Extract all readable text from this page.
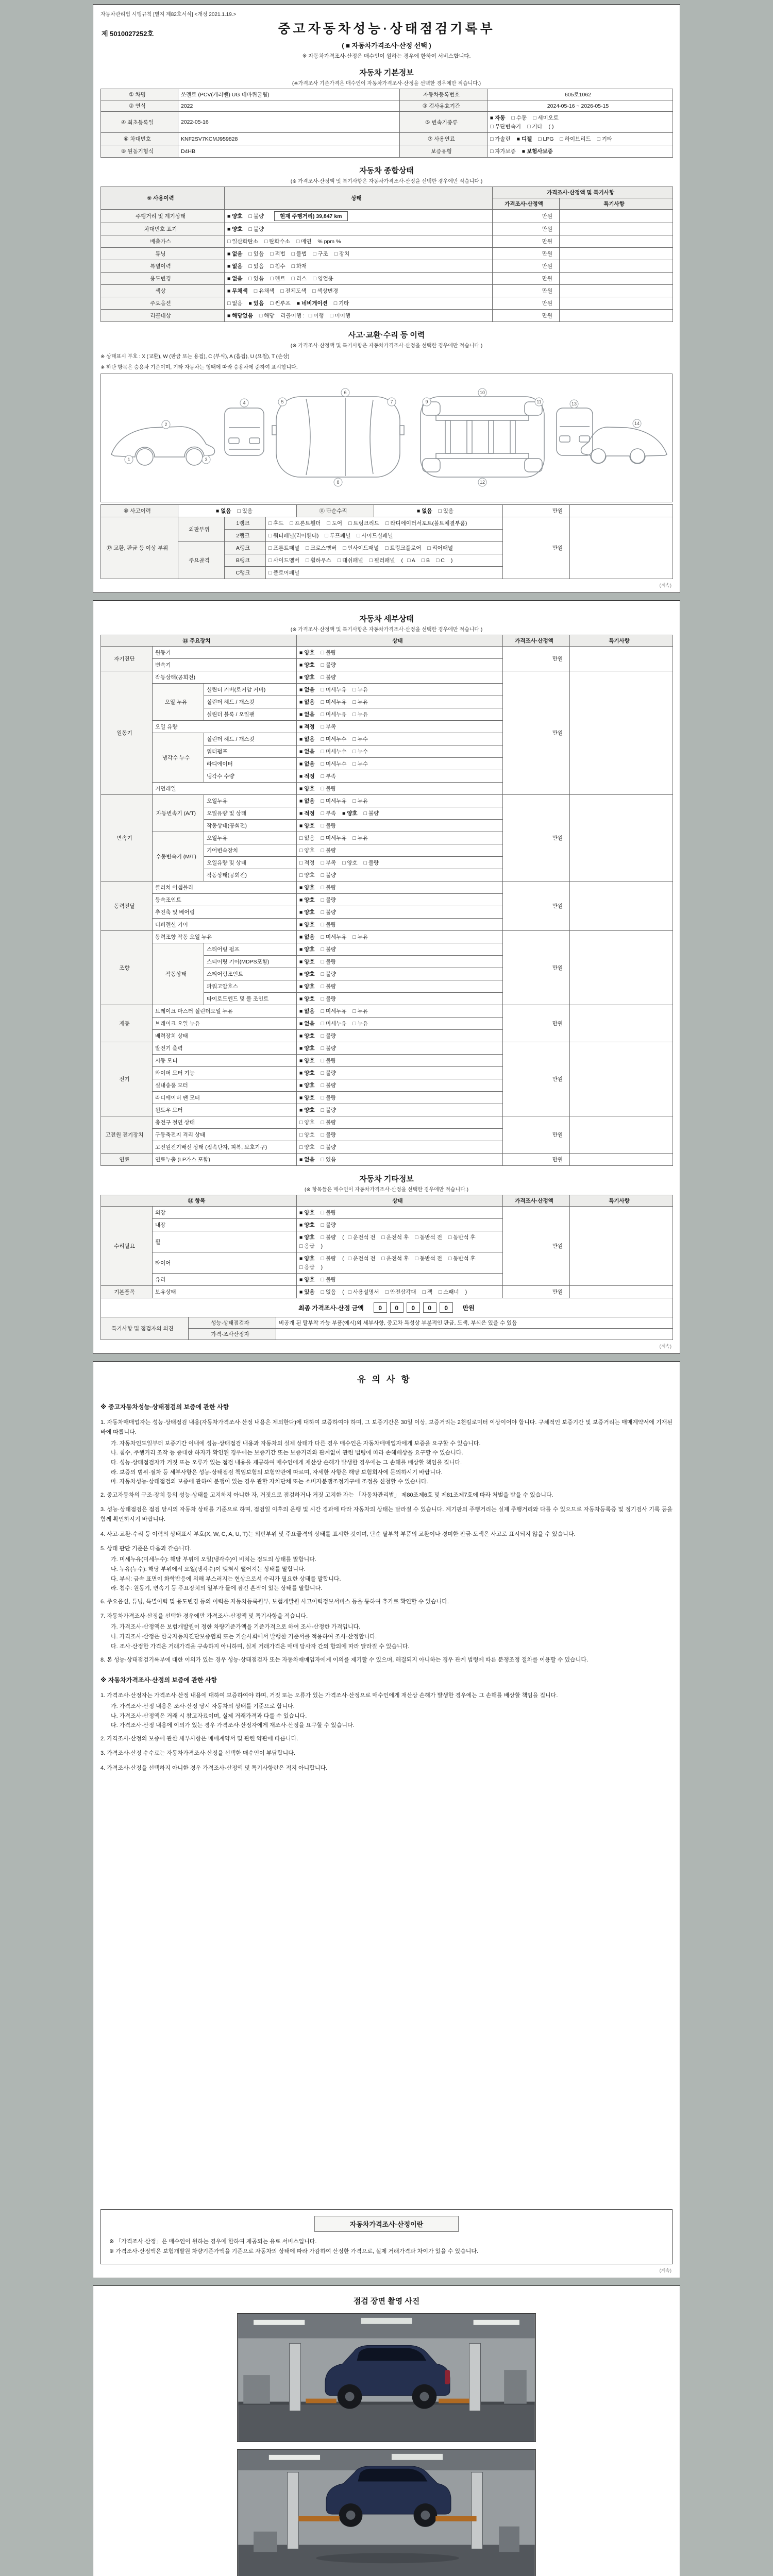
자동차관리법 시행규칙 [별지 제82호서식] <개정 2021.1.19.>
제 5010027252호	중고자동차성능·상태점검기록부
( ■ 자동차가격조사·산정 선택 )
※ 자동차가격조사·산정은 매수인이 원하는 경우에 한하여 서비스합니다.
자동차 기본정보
(※가격조사 기준가격은 매수인이 자동차가격조사·산정을 선택한 경우에만 적습니다.)
① 차명	쏘렌토 (PCV(캐러밴) UG 네바퀴굴림)	자동차등록번호	605로1062
② 연식	2022	③ 검사유효기간	2024-05-16 ~ 2026-05-15
④ 최초등록일	2022-05-16	⑤ 변속기종류	■ 자동 □ 수동 □ 세미오토
□ 무단변속기 □ 기타 ( )
⑥ 차대번호	KNF2SV7KCMJ959828	⑦ 사용연료	□ 가솔린 ■ 디젤 □ LPG □ 하이브리드 □ 기타
⑧ 원동기형식	D4HB	보증유형	□ 자가보증 ■ 보험사보증
자동차 종합상태
(※ 가격조사·산정액 및 특기사항은 자동차가격조사·산정을 선택한 경우에만 적습니다.)
⑨ 사용이력	상태	가격조사·산정액 및 특기사항	
		가격조사·산정액	특기사항
주행거리 및 계기상태	■ 양호 □ 불량 현재 주행거리) 39,847 km	만원	
차대번호 표기	■ 양호 □ 불량	만원	
배출가스	□ 일산화탄소 □ 탄화수소 □ 매연 % ppm %	만원	
튜닝	■ 없음 □ 있음 □ 적법 □ 불법 □ 구조 □ 장치	만원	
특별이력	■ 없음 □ 있음 □ 침수 □ 화재	만원	
용도변경	■ 없음 □ 있음 □ 렌트 □ 리스 □ 영업용	만원	
색상	■ 무채색 □ 유채색 □ 전체도색 □ 색상변경	만원	
주요옵션	□ 없음 ■ 있음 □ 썬루프 ■ 네비게이션 □ 기타	만원	
리콜대상	■ 해당없음 □ 해당 리콜이행 : □ 이행 □ 미이행	만원	
사고·교환·수리 등 이력
(※ 가격조사·산정액 및 특기사항은 자동차가격조사·산정을 선택한 경우에만 적습니다.)
※ 상태표시 부호 : X (교환), W (판금 또는 용접), C (부식), A (흠집), U (요철), T (손상)
※ 하단 항목은 승용차 기준이며, 기타 자동차는 형태에 따라 승용차에 준하여 표시합니다.
1
2
3
4	5
6
7
8
9
10
11
12
13
14
⑩ 사고이력	■ 없음 □ 있음	⑪ 단순수리	■ 없음 □ 있음	만원	
⑫ 교환, 판금 등 이상 부위	외판부위	1랭크	□ 후드 □ 프론트휀더 □ 도어 □ 트렁크리드 □ 라디에이터서포트(볼트체결부품)	만원	
		2랭크	□ 쿼터패널(리어휀더) □ 루프패널 □ 사이드실패널		
	주요골격	A랭크	□ 프론트패널 □ 크로스멤버 □ 인사이드패널 □ 트렁크플로어 □ 리어패널		
		B랭크	□ 사이드멤버 □ 휠하우스 □ 대쉬패널 □ 필러패널 ( □ A □ B □ C )		
		C랭크	□ 플로어패널		
(계속)
자동차 세부상태
(※ 가격조사·산정액 및 특기사항은 자동차가격조사·산정을 선택한 경우에만 적습니다.)
⑬ 주요장치			상태	가격조사·산정액	특기사항
자기진단	원동기		■ 양호 □ 불량	만원	
	변속기		■ 양호 □ 불량		
원동기	작동상태(공회전)		■ 양호 □ 불량	만원	
	오일 누유	실린더 커버(로커암 커버)	■ 없음 □ 미세누유 □ 누유		
		실린더 헤드 / 개스킷	■ 없음 □ 미세누유 □ 누유		
		실린더 블록 / 오일팬	■ 없음 □ 미세누유 □ 누유		
	오일 유량		■ 적정 □ 부족		
	냉각수 누수	실린더 헤드 / 개스킷	■ 없음 □ 미세누수 □ 누수		
		워터펌프	■ 없음 □ 미세누수 □ 누수		
		라디에이터	■ 없음 □ 미세누수 □ 누수		
		냉각수 수량	■ 적정 □ 부족		
	커먼레일		■ 양호 □ 불량		
변속기	자동변속기 (A/T)	오일누유	■ 없음 □ 미세누유 □ 누유	만원	
		오일유량 및 상태	■ 적정 □ 부족 ■ 양호 □ 불량		
		작동상태(공회전)	■ 양호 □ 불량		
	수동변속기 (M/T)	오일누유	□ 없음 □ 미세누유 □ 누유		
		기어변속장치	□ 양호 □ 불량		
		오일유량 및 상태	□ 적정 □ 부족 □ 양호 □ 불량		
		작동상태(공회전)	□ 양호 □ 불량		
동력전달	클러치 어셈블리		■ 양호 □ 불량	만원	
	등속조인트		■ 양호 □ 불량		
	추진축 및 베어링		■ 양호 □ 불량		
	디퍼렌셜 기어		■ 양호 □ 불량		
조향	동력조향 작동 오일 누유		■ 없음 □ 미세누유 □ 누유	만원	
	작동상태	스티어링 펌프	■ 양호 □ 불량		
		스티어링 기어(MDPS포함)	■ 양호 □ 불량		
		스티어링조인트	■ 양호 □ 불량		
		파워고압호스	■ 양호 □ 불량		
		타이로드엔드 및 볼 조인트	■ 양호 □ 불량		
제동	브레이크 마스터 실린더오일 누유		■ 없음 □ 미세누유 □ 누유	만원	
	브레이크 오일 누유		■ 없음 □ 미세누유 □ 누유		
	배력장치 상태		■ 양호 □ 불량		
전기	발전기 출력		■ 양호 □ 불량	만원	
	시동 모터		■ 양호 □ 불량		
	와이퍼 모터 기능		■ 양호 □ 불량		
	실내송풍 모터		■ 양호 □ 불량		
	라디에이터 팬 모터		■ 양호 □ 불량		
	윈도우 모터		■ 양호 □ 불량		
고전원 전기장치	충전구 절연 상태		□ 양호 □ 불량	만원	
	구동축전지 격리 상태		□ 양호 □ 불량		
	고전원전기배선 상태 (접속단자, 피복, 보호기구)		□ 양호 □ 불량		
연료	연료누출 (LP가스 포함)		■ 없음 □ 있음	만원	
자동차 기타정보
(※ 항목들은 매수인이 자동차가격조사·산정을 선택한 경우에만 적습니다.)
⑭ 항목		상태	가격조사·산정액	특기사항
수리필요	외장	■ 양호 □ 불량	만원	
	내장	■ 양호 □ 불량		
	휠	■ 양호 □ 불량 ( □ 운전석 전 □ 운전석 후 □ 동반석 전 □ 동반석 후□ 응급 )		
	타이어	■ 양호 □ 불량 ( □ 운전석 전 □ 운전석 후 □ 동반석 전 □ 동반석 후□ 응급 )		
	유리	■ 양호 □ 불량		
기본품목	보유상태	■ 있음 □ 없음 ( □ 사용설명서 □ 안전삼각대 □ 잭 □ 스패너 )	만원	
최종 가격조사·산정 금액	0 0 0 0 0	만원
특기사항 및 점검자의 의견	성능·상태점검자	비공개 된 탈부착 가능 부품(예시)외 세부사항, 중고차 특성상 부분적인 판금, 도색, 부식은 있을 수 있음
	가격·조사산정자	
(계속)
유의사항
※ 중고자동차성능·상태점검의 보증에 관한 사항
1. 자동차매매업자는 성능·상태점검 내용(자동차가격조사·산정 내용은 제외한다)에 대하여 보증하여야 하며, 그 보증기간은 30일 이상, 보증거리는 2천킬로미터 이상이어야 합니다. 구체적인 보증기간 및 보증거리는 매매계약서에 기재된 바에 따릅니다.
가. 자동차인도일부터 보증기간 이내에 성능·상태점검 내용과 자동차의 실제 상태가 다른 경우 매수인은 자동차매매업자에게 보증을 요구할 수 있습니다.
나. 침수, 주행거리 조작 등 중대한 하자가 확인된 경우에는 보증기간 또는 보증거리와 관계없이 관련 법령에 따라 손해배상을 요구할 수 있습니다.
다. 성능·상태점검자가 거짓 또는 오류가 있는 점검 내용을 제공하여 매수인에게 재산상 손해가 발생한 경우에는 그 손해를 배상할 책임을 집니다.
라. 보증의 범위·절차 등 세부사항은 성능·상태점검 책임보험의 보험약관에 따르며, 자세한 사항은 해당 보험회사에 문의하시기 바랍니다.
마. 자동차성능·상태점검의 보증에 관하여 분쟁이 있는 경우 관할 자치단체 또는 소비자분쟁조정기구에 조정을 신청할 수 있습니다.
2. 중고자동차의 구조·장치 등의 성능·상태를 고지하지 아니한 자, 거짓으로 점검하거나 거짓 고지한 자는 「자동차관리법」 제80조제6호 및 제81조제7호에 따라 처벌을 받을 수 있습니다.
3. 성능·상태점검은 점검 당시의 자동차 상태를 기준으로 하며, 점검일 이후의 운행 및 시간 경과에 따라 자동차의 상태는 달라질 수 있습니다. 계기판의 주행거리는 실제 주행거리와 다를 수 있으므로 자동차등록증 및 정기검사 기록 등을 함께 확인하시기 바랍니다.
4. 사고·교환·수리 등 이력의 상태표시 부호(X, W, C, A, U, T)는 외판부위 및 주요골격의 상태를 표시한 것이며, 단순 탈부착 부품의 교환이나 경미한 판금·도색은 사고로 표시되지 않을 수 있습니다.
5. 상태 판단 기준은 다음과 같습니다.
가. 미세누유(미세누수): 해당 부위에 오일(냉각수)이 비치는 정도의 상태를 말합니다.
나. 누유(누수): 해당 부위에서 오일(냉각수)이 맺혀서 떨어지는 상태를 말합니다.
다. 부식: 금속 표면이 화학반응에 의해 부스러지는 현상으로서 수리가 필요한 상태를 말합니다.
라. 침수: 원동기, 변속기 등 주요장치의 일부가 물에 잠긴 흔적이 있는 상태를 말합니다.
6. 주요옵션, 튜닝, 특별이력 및 용도변경 등의 이력은 자동차등록원부, 보험개발원 사고이력정보서비스 등을 통하여 추가로 확인할 수 있습니다.
7. 자동차가격조사·산정을 선택한 경우에만 가격조사·산정액 및 특기사항을 적습니다.
가. 가격조사·산정액은 보험개발원이 정한 차량기준가액을 기준가격으로 하여 조사·산정한 가격입니다.
나. 가격조사·산정은 한국자동차진단보증협회 또는 기술사회에서 발행한 기준서를 적용하여 조사·산정합니다.
다. 조사·산정한 가격은 거래가격을 구속하지 아니하며, 실제 거래가격은 매매 당사자 간의 합의에 따라 달라질 수 있습니다.
8. 본 성능·상태점검기록부에 대한 이의가 있는 경우 성능·상태점검자 또는 자동차매매업자에게 이의를 제기할 수 있으며, 해결되지 아니하는 경우 관계 법령에 따른 분쟁조정 절차를 이용할 수 있습니다.
※ 자동차가격조사·산정의 보증에 관한 사항
1. 가격조사·산정자는 가격조사·산정 내용에 대하여 보증하여야 하며, 거짓 또는 오류가 있는 가격조사·산정으로 매수인에게 재산상 손해가 발생한 경우에는 그 손해를 배상할 책임을 집니다.
가. 가격조사·산정 내용은 조사·산정 당시 자동차의 상태를 기준으로 합니다.
나. 가격조사·산정액은 거래 시 참고자료이며, 실제 거래가격과 다를 수 있습니다.
다. 가격조사·산정 내용에 이의가 있는 경우 가격조사·산정자에게 재조사·산정을 요구할 수 있습니다.
2. 가격조사·산정의 보증에 관한 세부사항은 매매계약서 및 관련 약관에 따릅니다.
3. 가격조사·산정 수수료는 자동차가격조사·산정을 선택한 매수인이 부담합니다.
4. 가격조사·산정을 선택하지 아니한 경우 가격조사·산정액 및 특기사항란은 적지 아니합니다.
자동차가격조사·산정이란
※ 「가격조사·산정」은 매수인이 원하는 경우에 한하여 제공되는 유료 서비스입니다.
※ 가격조사·산정액은 보험개발원 차량기준가액을 기준으로 자동차의 상태에 따라 가감하여 산정한 가격으로, 실제 거래가격과 차이가 있을 수 있습니다.
(계속)
점검 장면 촬영 사진
